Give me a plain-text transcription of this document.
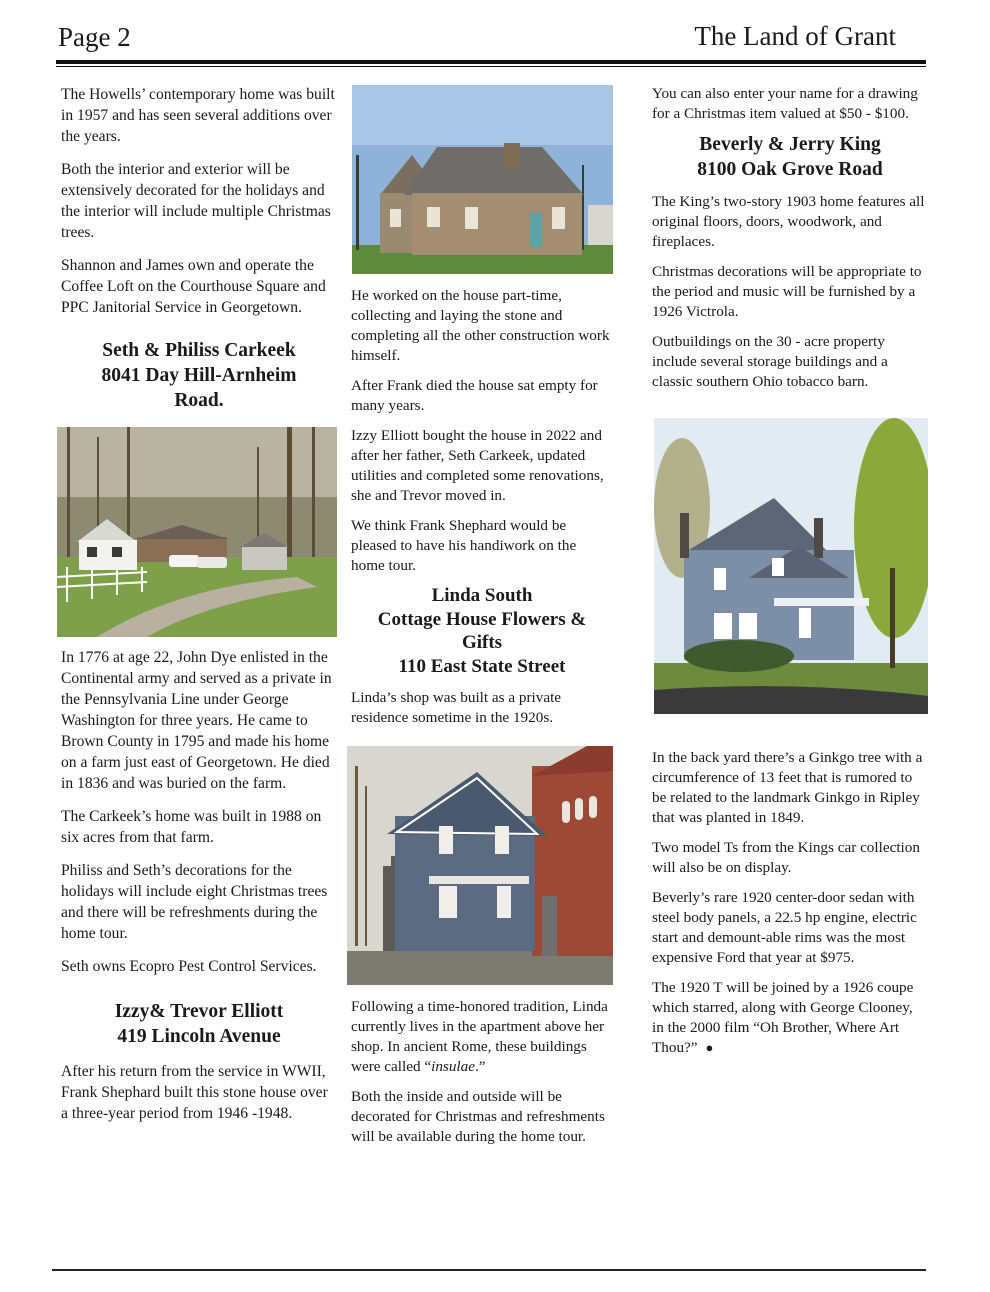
Page 2	The Land of Grant

The Howells’ contemporary home was built in 1957 and has seen several additions over the years.

Both the interior and exterior will be extensively decorated for the holidays and the interior will include multiple Christmas trees.

Shannon and James own and operate the Coffee Loft on the Courthouse Square and PPC Janitorial Service in Georgetown.

Seth & Philiss Carkeek
8041 Day Hill-Arnheim Road.

In 1776 at age 22, John Dye enlisted in the Continental army and served as a private in the Pennsylvania Line under George Washington for three years. He came to Brown County in 1795 and made his home on a farm just east of Georgetown. He died in 1836 and was buried on the farm.

The Carkeek’s home was built in 1988 on six acres from that farm.

Philiss and Seth’s decorations for the holidays will include eight Christmas trees and there will be refreshments during the home tour.

Seth owns Ecopro Pest Control Services.

Izzy& Trevor Elliott
419 Lincoln Avenue

After his return from the service in WWII, Frank Shephard built this stone house over a three-year period from 1946 -1948.

He worked on the house part-time, collecting and laying the stone and completing all the other construction work himself.

After Frank died the house sat empty for many years.

Izzy Elliott bought the house in 2022 and after her father, Seth Carkeek, updated utilities and completed some renovations, she and Trevor moved in.

We think Frank Shephard would be pleased to have his handiwork on the home tour.

Linda South
Cottage House Flowers & Gifts
110 East State Street

Linda’s shop was built as a private residence sometime in the 1920s.

Following a time-honored tradition, Linda currently lives in the apartment above her shop. In ancient Rome, these buildings were called “insulae.”

Both the inside and outside will be decorated for Christmas and refreshments will be available during the home tour.

You can also enter your name for a drawing for a Christmas item valued at $50 - $100.

Beverly & Jerry King
8100 Oak Grove Road

The King’s two-story 1903 home features all original floors, doors, woodwork, and fireplaces.

Christmas decorations will be appropriate to the period and music will be furnished by a 1926 Victrola.

Outbuildings on the 30 - acre property include several storage buildings and a classic southern Ohio tobacco barn.

In the back yard there’s a Ginkgo tree with a circumference of 13 feet that is rumored to be related to the landmark Ginkgo in Ripley that was planted in 1849.

Two model Ts from the Kings car collection will also be on display.

Beverly’s rare 1920 center-door sedan with steel body panels, a 22.5 hp engine, electric start and demount-able rims was the most expensive Ford that year at $975.

The 1920 T will be joined by a 1926 coupe which starred, along with George Clooney, in the 2000 film “Oh Brother, Where Art Thou?” ●
